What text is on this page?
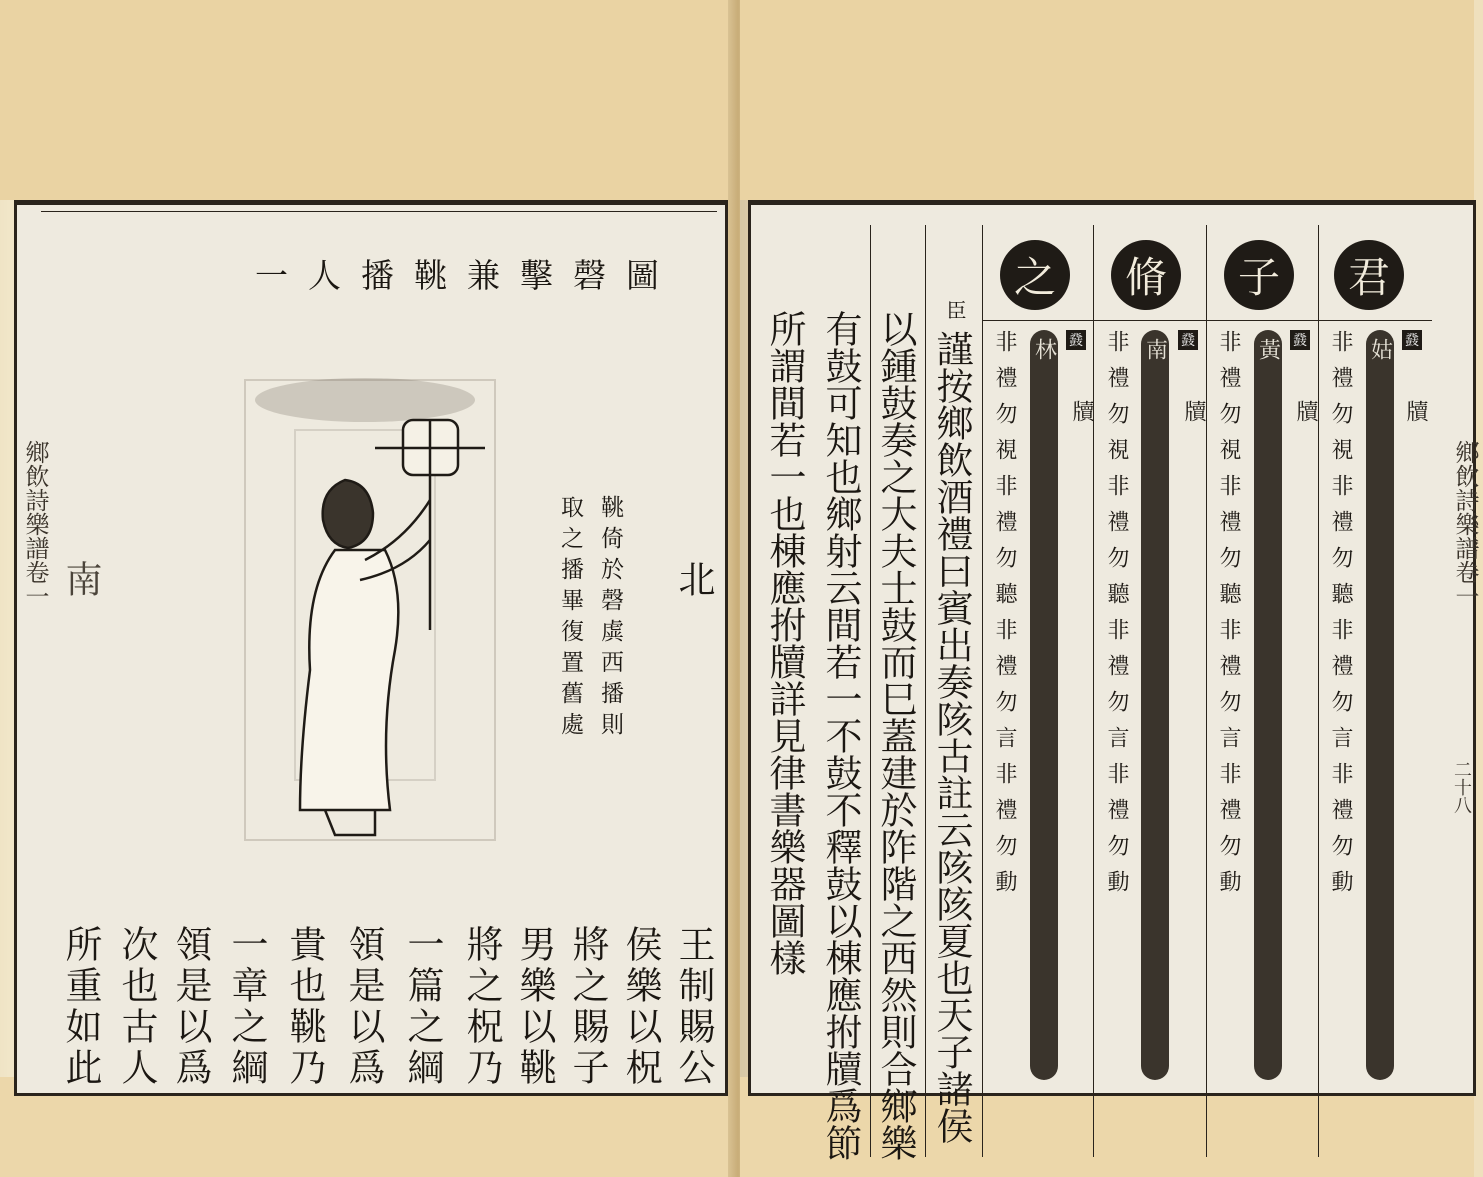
一人播鞉兼擊磬圖
北
南	鞉倚於磬虡西播則
取之播畢復置舊處
王制賜公
侯樂以柷
將之賜子
男樂以鞉
將之柷乃
一篇之綱
領是以爲
貴也鞉乃
一章之綱
領是以爲
次也古人
所重如此
鄉飲詩樂譜卷一
君
子
脩
之
鼗
鼗
鼗
鼗	姑
黃
南
林	非禮勿視非禮勿聽非禮勿言非禮勿動
非禮勿視非禮勿聽非禮勿言非禮勿動
非禮勿視非禮勿聽非禮勿言非禮勿動
非禮勿視非禮勿聽非禮勿言非禮勿動	牘
牘
牘
牘
臣
謹按鄉飲酒禮曰賓出奏陔古註云陔陔夏也天子諸侯
以鍾鼓奏之大夫士鼓而巳蓋建於阼階之西然則合鄉樂
有鼓可知也鄉射云間若一不鼓不釋鼓以棟應拊牘爲節
所謂間若一也棟應拊牘詳見律書樂器圖樣	鄉飲詩樂譜卷一
二十八
